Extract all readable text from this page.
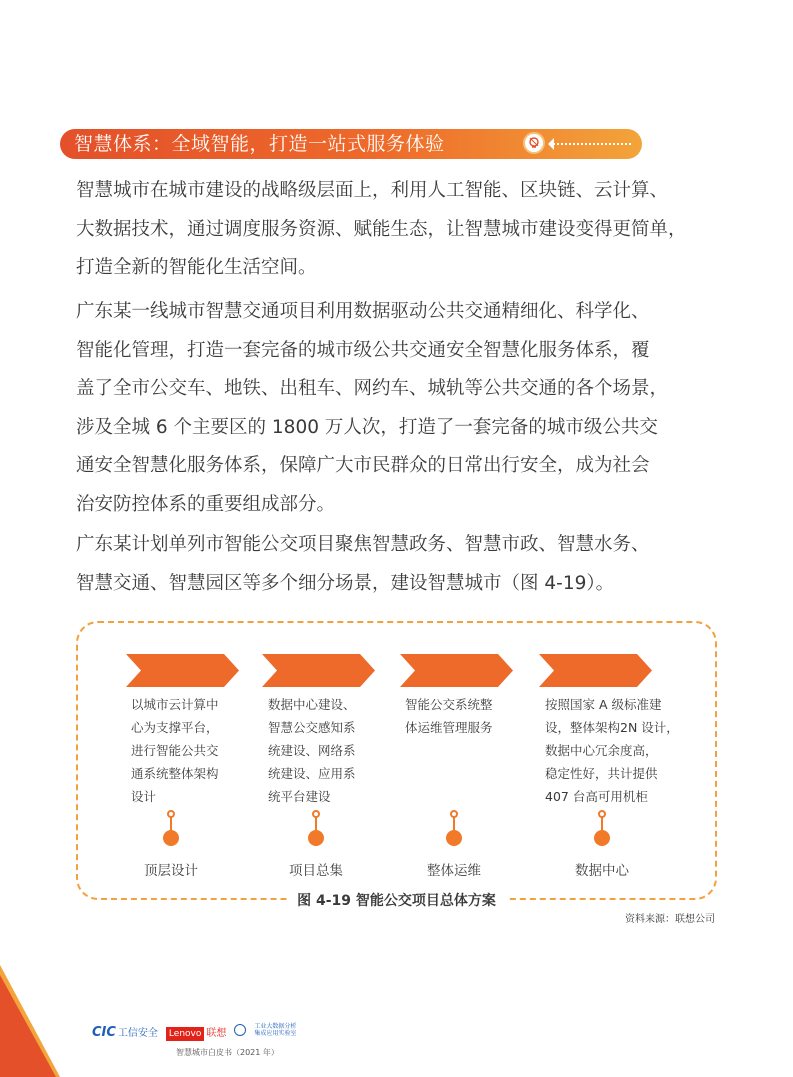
智慧体系：全域智能，打造一站式服务体验

智慧城市在城市建设的战略级层面上，利用人工智能、区块链、云计算、
大数据技术，通过调度服务资源、赋能生态，让智慧城市建设变得更简单，
打造全新的智能化生活空间。

广东某一线城市智慧交通项目利用数据驱动公共交通精细化、科学化、
智能化管理，打造一套完备的城市级公共交通安全智慧化服务体系，覆
盖了全市公交车、地铁、出租车、网约车、城轨等公共交通的各个场景，
涉及全城 6 个主要区的 1800 万人次，打造了一套完备的城市级公共交
通安全智慧化服务体系，保障广大市民群众的日常出行安全，成为社会
治安防控体系的重要组成部分。

广东某计划单列市智能公交项目聚焦智慧政务、智慧市政、智慧水务、
智慧交通、智慧园区等多个细分场景，建设智慧城市（图 4-19）。

以城市云计算中
心为支撑平台，
进行智能公共交
通系统整体架构
设计
数据中心建设、
智慧公交感知系
统建设、网络系
统建设、应用系
统平台建设
智能公交系统整
体运维管理服务
按照国家 A 级标准建
设，整体架构2N 设计，
数据中心冗余度高，
稳定性好，共计提供
407 台高可用机柜
顶层设计	项目总集	整体运维	数据中心
图 4-19 智能公交项目总体方案
资料来源：联想公司
53
CIC 工信安全	Lenovo 联想
工业大数据分析
集成应用实验室
智慧城市白皮书（2021 年）
